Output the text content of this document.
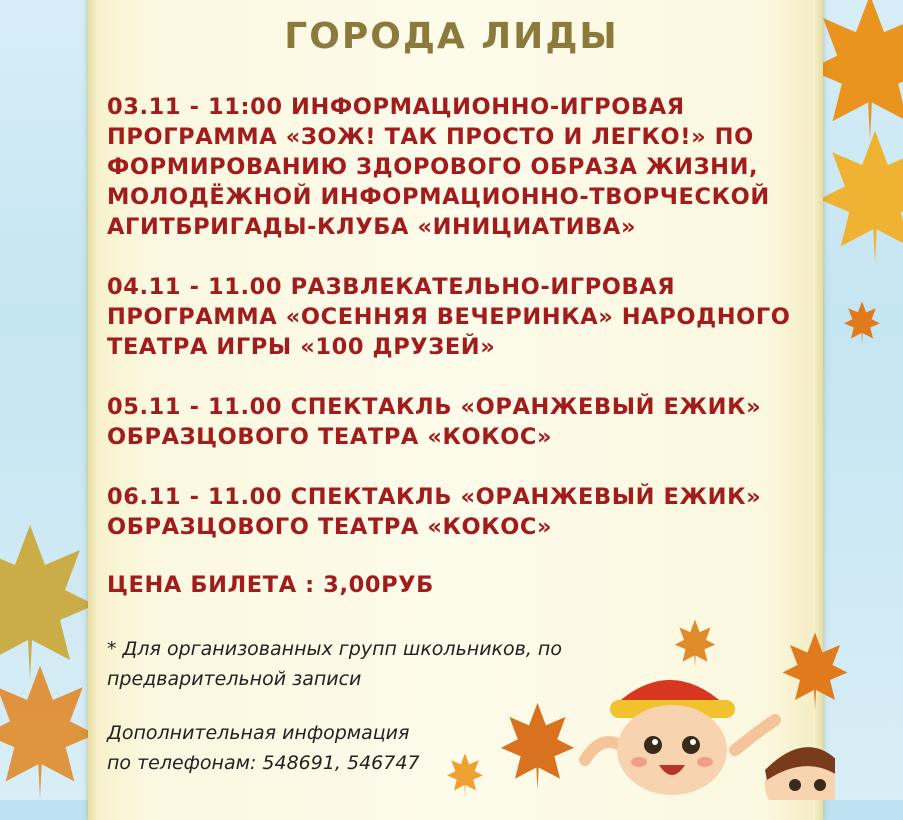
ГОРОДА ЛИДЫ
03.11 - 11:00 ИНФОРМАЦИОННО-ИГРОВАЯ ПРОГРАММА «ЗОЖ! ТАК ПРОСТО И ЛЕГКО!» ПО ФОРМИРОВАНИЮ ЗДОРОВОГО ОБРАЗА ЖИЗНИ, МОЛОДЁЖНОЙ ИНФОРМАЦИОННО-ТВОРЧЕСКОЙ АГИТБРИГАДЫ-КЛУБА «ИНИЦИАТИВА»
04.11 - 11.00 РАЗВЛЕКАТЕЛЬНО-ИГРОВАЯ ПРОГРАММА «ОСЕННЯЯ ВЕЧЕРИНКА» НАРОДНОГО ТЕАТРА ИГРЫ «100 ДРУЗЕЙ»
05.11 - 11.00 СПЕКТАКЛЬ «ОРАНЖЕВЫЙ ЕЖИК» ОБРАЗЦОВОГО ТЕАТРА «КОКОС»
06.11 - 11.00 СПЕКТАКЛЬ «ОРАНЖЕВЫЙ ЕЖИК» ОБРАЗЦОВОГО ТЕАТРА «КОКОС»
ЦЕНА БИЛЕТА : 3,00РУБ
* Для организованных групп школьников, по предварительной записи
Дополнительная информация
по телефонам: 548691, 546747
